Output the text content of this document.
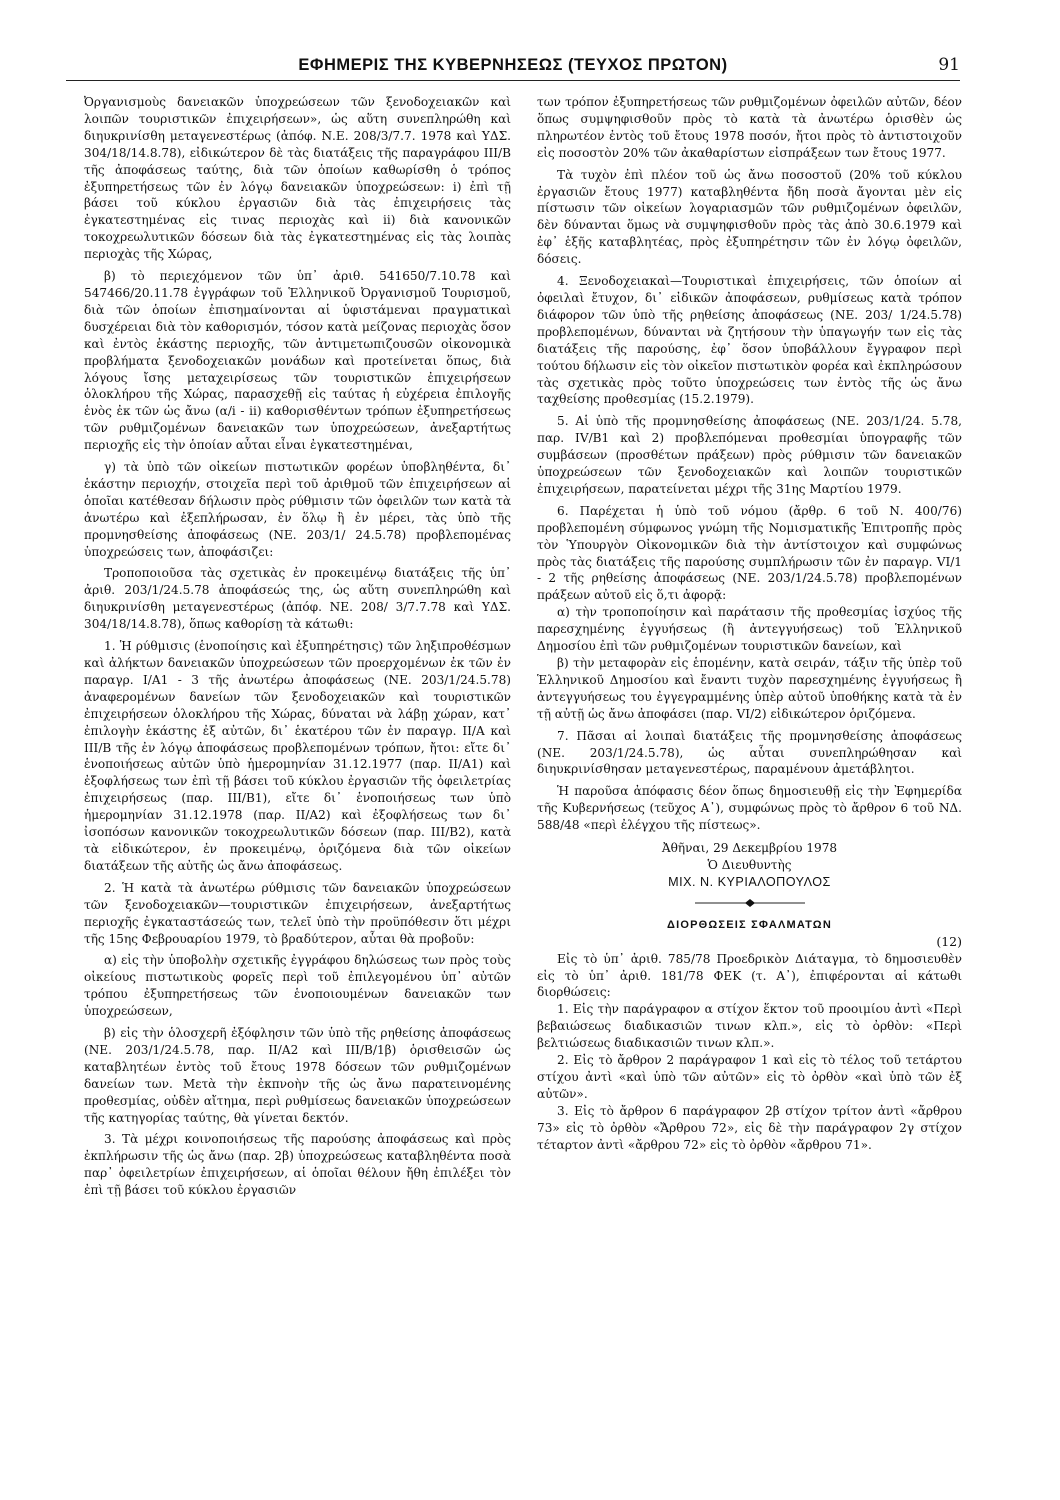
ΕΦΗΜΕΡΙΣ ΤΗΣ ΚΥΒΕΡΝΗΣΕΩΣ (ΤΕΥΧΟΣ ΠΡΩΤΟΝ)	91

Ὀργανισμοὺς δανειακῶν ὑποχρεώσεων τῶν ξενοδοχειακῶν καὶ λοιπῶν τουριστικῶν ἐπιχειρήσεων», ὡς αὕτη συνεπληρώθη καὶ διηυκρινίσθη μεταγενεστέρως (ἀπόφ. Ν.Ε. 208/3/7.7. 1978 καὶ ΥΔΣ. 304/18/14.8.78), εἰδικώτερον δὲ τὰς διατάξεις τῆς παραγράφου ΙΙΙ/Β τῆς ἀποφάσεως ταύτης, διὰ τῶν ὁποίων καθωρίσθη ὁ τρόπος ἐξυπηρετήσεως τῶν ἐν λόγῳ δανειακῶν ὑποχρεώσεων: i) ἐπὶ τῇ βάσει τοῦ κύκλου ἐργασιῶν διὰ τὰς ἐπιχειρήσεις τὰς ἐγκατεστημένας εἰς τινας περιοχὰς καὶ ii) διὰ κανονικῶν τοκοχρεωλυτικῶν δόσεων διὰ τὰς ἐγκατεστημένας εἰς τὰς λοιπὰς περιοχὰς τῆς Χώρας,

β) τὸ περιεχόμενον τῶν ὑπ᾽ ἀριθ. 541650/7.10.78 καὶ 547466/20.11.78 ἐγγράφων τοῦ Ἑλληνικοῦ Ὀργανισμοῦ Τουρισμοῦ, διὰ τῶν ὁποίων ἐπισημαίνονται αἱ ὑφιστάμεναι πραγματικαὶ δυσχέρειαι διὰ τὸν καθορισμόν, τόσον κατὰ μείζονας περιοχὰς ὅσον καὶ ἐντὸς ἑκάστης περιοχῆς, τῶν ἀντιμετωπιζουσῶν οἰκονομικὰ προβλήματα ξενοδοχειακῶν μονάδων καὶ προτείνεται ὅπως, διὰ λόγους ἴσης μεταχειρίσεως τῶν τουριστικῶν ἐπιχειρήσεων ὁλοκλήρου τῆς Χώρας, παρασχεθῇ εἰς ταύτας ἡ εὐχέρεια ἐπιλογῆς ἑνὸς ἐκ τῶν ὡς ἄνω (α/i - ii) καθορισθέντων τρόπων ἐξυπηρετήσεως τῶν ρυθμιζομένων δανειακῶν των ὑποχρεώσεων, ἀνεξαρτήτως περιοχῆς εἰς τὴν ὁποίαν αὗται εἶναι ἐγκατεστημέναι,

γ) τὰ ὑπὸ τῶν οἰκείων πιστωτικῶν φορέων ὑποβληθέντα, δι᾽ ἑκάστην περιοχήν, στοιχεῖα περὶ τοῦ ἀριθμοῦ τῶν ἐπιχειρήσεων αἱ ὁποῖαι κατέθεσαν δήλωσιν πρὸς ρύθμισιν τῶν ὀφειλῶν των κατὰ τὰ ἀνωτέρω καὶ ἐξεπλήρωσαν, ἐν ὅλῳ ἢ ἐν μέρει, τὰς ὑπὸ τῆς προμνησθείσης ἀποφάσεως (ΝΕ. 203/1/ 24.5.78) προβλεπομένας ὑποχρεώσεις των, ἀποφάσιζει:

Τροποποιοῦσα τὰς σχετικὰς ἐν προκειμένῳ διατάξεις τῆς ὑπ᾽ ἀριθ. 203/1/24.5.78 ἀποφάσεώς της, ὡς αὕτη συνεπληρώθη καὶ διηυκρινίσθη μεταγενεστέρως (ἀπόφ. ΝΕ. 208/ 3/7.7.78 καὶ ΥΔΣ. 304/18/14.8.78), ὅπως καθορίσῃ τὰ κάτωθι:

1. Ἡ ρύθμισις (ἑνοποίησις καὶ ἐξυπηρέτησις) τῶν ληξιπροθέσμων καὶ ἀλήκτων δανειακῶν ὑποχρεώσεων τῶν προερχομένων ἐκ τῶν ἐν παραγρ. Ι/Α1 - 3 τῆς ἀνωτέρω ἀποφάσεως (ΝΕ. 203/1/24.5.78) ἀναφερομένων δανείων τῶν ξενοδοχειακῶν καὶ τουριστικῶν ἐπιχειρήσεων ὁλοκλήρου τῆς Χώρας, δύναται νὰ λάβῃ χώραν, κατ᾽ ἐπιλογὴν ἑκάστης ἐξ αὐτῶν, δι᾽ ἑκατέρου τῶν ἐν παραγρ. ΙΙ/Α καὶ ΙΙΙ/Β τῆς ἐν λόγῳ ἀποφάσεως προβλεπομένων τρόπων, ἤτοι: εἴτε δι᾽ ἑνοποιήσεως αὐτῶν ὑπὸ ἡμερομηνίαν 31.12.1977 (παρ. ΙΙ/Α1) καὶ ἐξοφλήσεως των ἐπὶ τῇ βάσει τοῦ κύκλου ἐργασιῶν τῆς ὀφειλετρίας ἐπιχειρήσεως (παρ. ΙΙΙ/Β1), εἴτε δι᾽ ἑνοποιήσεως των ὑπὸ ἡμερομηνίαν 31.12.1978 (παρ. ΙΙ/Α2) καὶ ἐξοφλήσεως των δι᾽ ἰσοπόσων κανονικῶν τοκοχρεωλυτικῶν δόσεων (παρ. ΙΙΙ/Β2), κατὰ τὰ εἰδικώτερον, ἐν προκειμένῳ, ὁριζόμενα διὰ τῶν οἰκείων διατάξεων τῆς αὐτῆς ὡς ἄνω ἀποφάσεως.

2. Ἡ κατὰ τὰ ἀνωτέρω ρύθμισις τῶν δανειακῶν ὑποχρεώσεων τῶν ξενοδοχειακῶν—τουριστικῶν ἐπιχειρήσεων, ἀνεξαρτήτως περιοχῆς ἐγκαταστάσεώς των, τελεῖ ὑπὸ τὴν προϋπόθεσιν ὅτι μέχρι τῆς 15ης Φεβρουαρίου 1979, τὸ βραδύτερον, αὗται θὰ προβοῦν:

α) εἰς τὴν ὑποβολὴν σχετικῆς ἐγγράφου δηλώσεως των πρὸς τοὺς οἰκείους πιστωτικοὺς φορεῖς περὶ τοῦ ἐπιλεγομένου ὑπ᾽ αὐτῶν τρόπου ἐξυπηρετήσεως τῶν ἑνοποιουμένων δανειακῶν των ὑποχρεώσεων,

β) εἰς τὴν ὁλοσχερῆ ἐξόφλησιν τῶν ὑπὸ τῆς ρηθείσης ἀποφάσεως (ΝΕ. 203/1/24.5.78, παρ. ΙΙ/Α2 καὶ ΙΙΙ/Β/1β) ὁρισθεισῶν ὡς καταβλητέων ἐντὸς τοῦ ἔτους 1978 δόσεων τῶν ρυθμιζομένων δανείων των. Μετὰ τὴν ἐκπνοὴν τῆς ὡς ἄνω παρατεινομένης προθεσμίας, οὐδὲν αἴτημα, περὶ ρυθμίσεως δανειακῶν ὑποχρεώσεων τῆς κατηγορίας ταύτης, θὰ γίνεται δεκτόν.

3. Τὰ μέχρι κοινοποιήσεως τῆς παρούσης ἀποφάσεως καὶ πρὸς ἐκπλήρωσιν τῆς ὡς ἄνω (παρ. 2β) ὑποχρεώσεως καταβληθέντα ποσὰ παρ᾽ ὀφειλετρίων ἐπιχειρήσεων, αἱ ὁποῖαι θέλουν ἤθη ἐπιλέξει τὸν ἐπὶ τῇ βάσει τοῦ κύκλου ἐργασιῶν

των τρόπον ἐξυπηρετήσεως τῶν ρυθμιζομένων ὀφειλῶν αὐτῶν, δέον ὅπως συμψηφισθοῦν πρὸς τὸ κατὰ τὰ ἀνωτέρω ὁρισθὲν ὡς πληρωτέον ἐντὸς τοῦ ἔτους 1978 ποσόν, ἤτοι πρὸς τὸ ἀντιστοιχοῦν εἰς ποσοστὸν 20% τῶν ἀκαθαρίστων εἰσπράξεων των ἔτους 1977.

Τὰ τυχὸν ἐπὶ πλέον τοῦ ὡς ἄνω ποσοστοῦ (20% τοῦ κύκλου ἐργασιῶν ἔτους 1977) καταβληθέντα ἤδη ποσὰ ἄγονται μὲν εἰς πίστωσιν τῶν οἰκείων λογαριασμῶν τῶν ρυθμιζομένων ὀφειλῶν, δὲν δύνανται ὅμως νὰ συμψηφισθοῦν πρὸς τὰς ἀπὸ 30.6.1979 καὶ ἐφ᾽ ἑξῆς καταβλητέας, πρὸς ἐξυπηρέτησιν τῶν ἐν λόγῳ ὀφειλῶν, δόσεις.

4. Ξενοδοχειακαὶ—Τουριστικαὶ ἐπιχειρήσεις, τῶν ὁποίων αἱ ὀφειλαὶ ἔτυχον, δι᾽ εἰδικῶν ἀποφάσεων, ρυθμίσεως κατὰ τρόπον διάφορον τῶν ὑπὸ τῆς ρηθείσης ἀποφάσεως (ΝΕ. 203/ 1/24.5.78) προβλεπομένων, δύνανται νὰ ζητήσουν τὴν ὑπαγωγήν των εἰς τὰς διατάξεις τῆς παρούσης, ἐφ᾽ ὅσον ὑποβάλλουν ἔγγραφον περὶ τούτου δήλωσιν εἰς τὸν οἰκεῖον πιστωτικὸν φορέα καὶ ἐκπληρώσουν τὰς σχετικὰς πρὸς τοῦτο ὑποχρεώσεις των ἐντὸς τῆς ὡς ἄνω ταχθείσης προθεσμίας (15.2.1979).

5. Αἱ ὑπὸ τῆς προμνησθείσης ἀποφάσεως (ΝΕ. 203/1/24. 5.78, παρ. ΙV/Β1 καὶ 2) προβλεπόμεναι προθεσμίαι ὑπογραφῆς τῶν συμβάσεων (προσθέτων πράξεων) πρὸς ρύθμισιν τῶν δανειακῶν ὑποχρεώσεων τῶν ξενοδοχειακῶν καὶ λοιπῶν τουριστικῶν ἐπιχειρήσεων, παρατείνεται μέχρι τῆς 31ης Μαρτίου 1979.

6. Παρέχεται ἡ ὑπὸ τοῦ νόμου (ἄρθρ. 6 τοῦ Ν. 400/76) προβλεπομένη σύμφωνος γνώμη τῆς Νομισματικῆς Ἐπιτροπῆς πρὸς τὸν Ὑπουργὸν Οἰκονομικῶν διὰ τὴν ἀντίστοιχον καὶ συμφώνως πρὸς τὰς διατάξεις τῆς παρούσης συμπλήρωσιν τῶν ἐν παραγρ. VI/1 - 2 τῆς ρηθείσης ἀποφάσεως (ΝΕ. 203/1/24.5.78) προβλεπομένων πράξεων αὐτοῦ εἰς ὅ,τι ἀφορᾷ:

α) τὴν τροποποίησιν καὶ παράτασιν τῆς προθεσμίας ἰσχύος τῆς παρεσχημένης ἐγγυήσεως (ἢ ἀντεγγυήσεως) τοῦ Ἑλληνικοῦ Δημοσίου ἐπὶ τῶν ρυθμιζομένων τουριστικῶν δανείων, καὶ

β) τὴν μεταφορὰν εἰς ἑπομένην, κατὰ σειράν, τάξιν τῆς ὑπὲρ τοῦ Ἑλληνικοῦ Δημοσίου καὶ ἔναντι τυχὸν παρεσχημένης ἐγγυήσεως ἢ ἀντεγγυήσεως του ἐγγεγραμμένης ὑπὲρ αὐτοῦ ὑποθήκης κατὰ τὰ ἐν τῇ αὐτῇ ὡς ἄνω ἀποφάσει (παρ. VI/2) εἰδικώτερον ὁριζόμενα.

7. Πᾶσαι αἱ λοιπαὶ διατάξεις τῆς προμνησθείσης ἀποφάσεως (ΝΕ. 203/1/24.5.78), ὡς αὗται συνεπληρώθησαν καὶ διηυκρινίσθησαν μεταγενεστέρως, παραμένουν ἀμετάβλητοι.

Ἡ παροῦσα ἀπόφασις δέον ὅπως δημοσιευθῇ εἰς τὴν Ἐφημερίδα τῆς Κυβερνήσεως (τεῦχος Α᾽), συμφώνως πρὸς τὸ ἄρθρον 6 τοῦ ΝΔ. 588/48 «περὶ ἐλέγχου τῆς πίστεως».

Ἀθῆναι, 29 Δεκεμβρίου 1978

Ὁ Διευθυντὴς

ΜΙΧ. Ν. ΚΥΡΙΑΛΟΠΟΥΛΟΣ

ΔΙΟΡΘΩΣΕΙΣ ΣΦΑΛΜΑΤΩΝ
(12)

Εἰς τὸ ὑπ᾽ ἀριθ. 785/78 Προεδρικὸν Διάταγμα, τὸ δημοσιευθὲν εἰς τὸ ὑπ᾽ ἀριθ. 181/78 ΦΕΚ (τ. Α᾽), ἐπιφέρονται αἱ κάτωθι διορθώσεις:

1. Εἰς τὴν παράγραφον α στίχον ἕκτον τοῦ προοιμίου ἀντὶ «Περὶ βεβαιώσεως διαδικασιῶν τινων κλπ.», εἰς τὸ ὀρθὸν: «Περὶ βελτιώσεως διαδικασιῶν τινων κλπ.».

2. Εἰς τὸ ἄρθρον 2 παράγραφον 1 καὶ εἰς τὸ τέλος τοῦ τετάρτου στίχου ἀντὶ «καὶ ὑπὸ τῶν αὐτῶν» εἰς τὸ ὀρθὸν «καὶ ὑπὸ τῶν ἐξ αὐτῶν».

3. Εἰς τὸ ἄρθρον 6 παράγραφον 2β στίχον τρίτον ἀντὶ «ἄρθρου 73» εἰς τὸ ὀρθὸν «Ἄρθρου 72», εἰς δὲ τὴν παράγραφον 2γ στίχον τέταρτον ἀντὶ «ἄρθρου 72» εἰς τὸ ὀρθὸν «ἄρθρου 71».
